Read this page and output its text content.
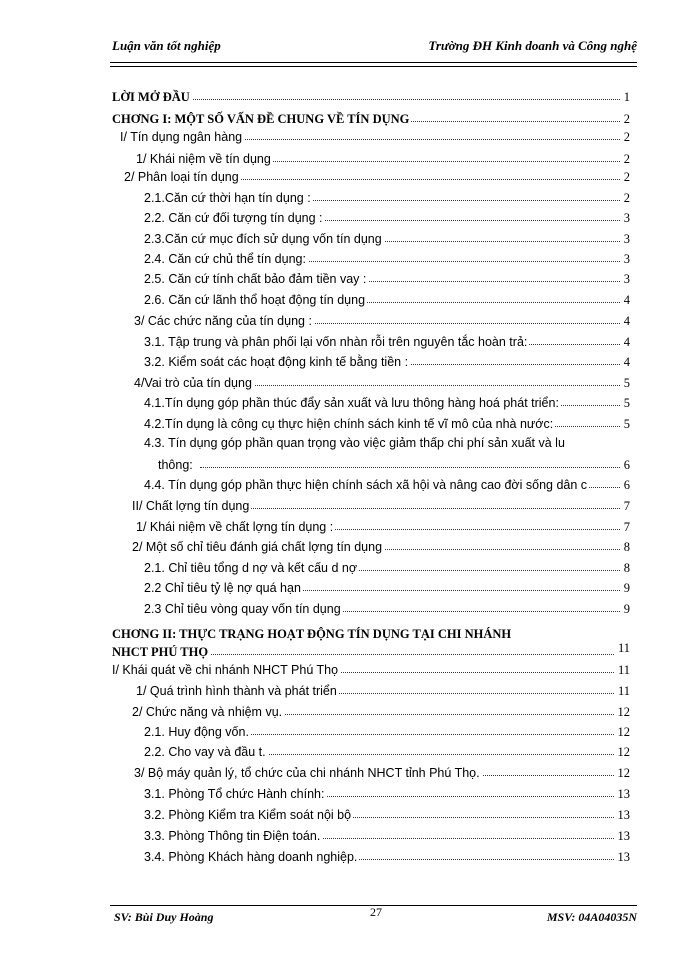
Luận văn tốt nghiệp	Trường ĐH Kinh doanh và Công nghệ
LỜI MỞ ĐẦU	1
CHƠNG I: MỘT SỐ VẤN ĐỀ CHUNG VỀ TÍN DỤNG	2
I/ Tín dụng ngân hàng	2
1/ Khái niệm về tín dụng	2
2/ Phân loại tín dụng	2
2.1.Căn cứ thời hạn tín dụng :	2
2.2. Căn cứ đối tượng tín dụng :	3
2.3.Căn cứ mục đích sử dụng vốn tín dụng	3
2.4. Căn cứ chủ thể tín dụng:	3
2.5. Căn cứ tính chất bảo đảm tiền vay :	3
2.6. Căn cứ lãnh thổ hoạt động tín dụng	4
3/ Các chức năng của tín dụng :	4
3.1. Tập trung và phân phối lại vốn nhàn rỗi trên nguyên tắc hoàn trả:	4
3.2. Kiểm soát các hoạt động kinh tế bằng tiền :	4
4/Vai trò của tín dụng	5
4.1.Tín dụng góp phần thúc đẩy sản xuất và lưu thông hàng hoá phát triển:	5
4.2.Tín dụng là công cụ thực hiện chính sách kinh tế vĩ mô của nhà nước:	5
4.3. Tín dụng góp phần quan trọng vào việc giảm thấp chi phí sản xuất và lu
thông:	6
4.4. Tín dụng góp phần thực hiện chính sách xã hội và nâng cao đời sống dân c	6
II/ Chất lợng tín dụng	7
1/ Khái niệm về chất lợng tín dụng :	7
2/ Một số chỉ tiêu đánh giá chất lợng tín dụng	8
2.1. Chỉ tiêu tổng d nợ và kết cấu d nợ	8
2.2 Chỉ tiêu tỷ lệ nợ quá hạn	9
2.3 Chỉ tiêu vòng quay vốn tín dụng	9
CHƠNG II: THỰC TRẠNG HOẠT ĐỘNG TÍN DỤNG TẠI CHI NHÁNH
NHCT PHÚ THỌ	11
I/ Khái quát về chi nhánh NHCT Phú Thọ	11
1/ Quá trình hình thành và phát triển	11
2/ Chức năng và nhiệm vụ.	12
2.1. Huy động vốn.	12
2.2. Cho vay và đầu t.	12
3/ Bộ máy quản lý, tổ chức của chi nhánh NHCT tỉnh Phú Thọ.	12
3.1. Phòng Tổ chức Hành chính:	13
3.2. Phòng Kiểm tra Kiểm soát nội bộ	13
3.3. Phòng Thông tin Điện toán.	13
3.4. Phòng Khách hàng doanh nghiệp.	13
SV: Bùi Duy Hoàng	27	MSV: 04A04035N
